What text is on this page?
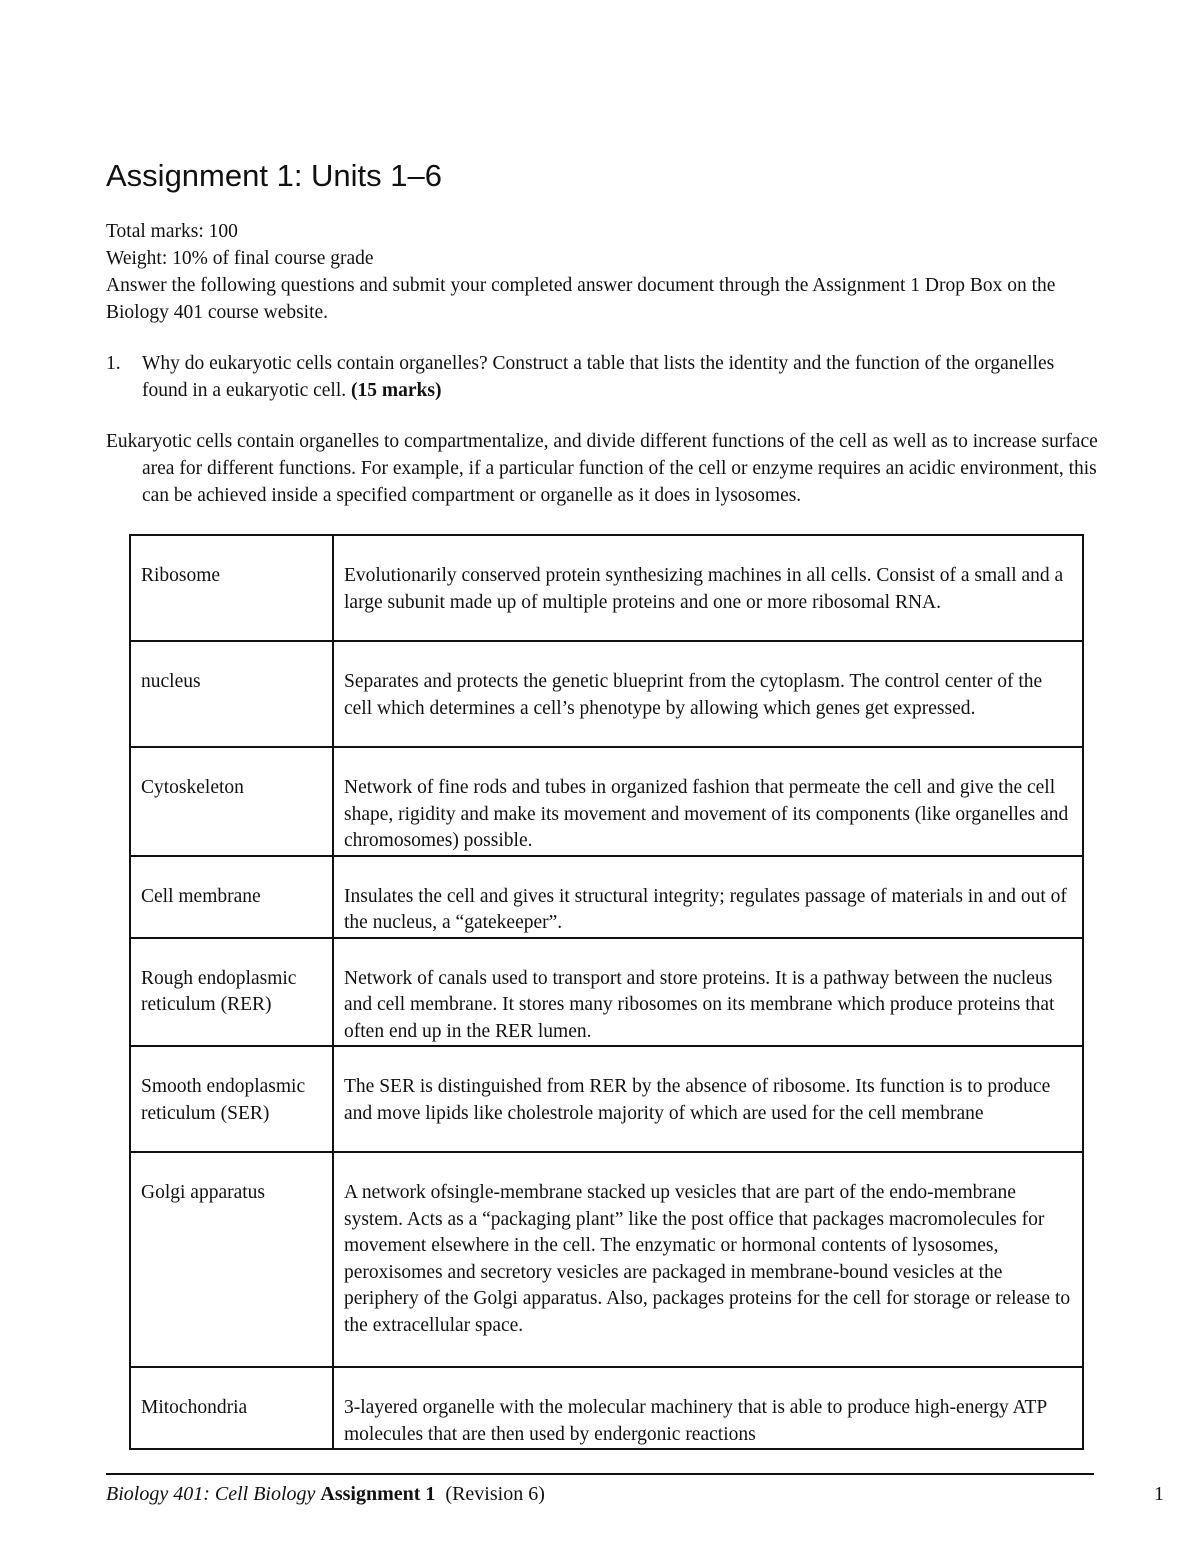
Assignment 1: Units 1–6

Total marks: 100

Weight: 10% of final course grade

Answer the following questions and submit your completed answer document through the Assignment 1 Drop Box on the Biology 401 course website.

1. Why do eukaryotic cells contain organelles? Construct a table that lists the identity and the function of the organelles found in a eukaryotic cell. (15 marks)

Eukaryotic cells contain organelles to compartmentalize, and divide different functions of the cell as well as to increase surface area for different functions. For example, if a particular function of the cell or enzyme requires an acidic environment, this can be achieved inside a specified compartment or organelle as it does in lysosomes.

Ribosome	Evolutionarily conserved protein synthesizing machines in all cells. Consist of a small and a large subunit made up of multiple proteins and one or more ribosomal RNA.
nucleus	Separates and protects the genetic blueprint from the cytoplasm. The control center of the cell which determines a cell’s phenotype by allowing which genes get expressed.
Cytoskeleton	Network of fine rods and tubes in organized fashion that permeate the cell and give the cell shape, rigidity and make its movement and movement of its components (like organelles and chromosomes) possible.
Cell membrane	Insulates the cell and gives it structural integrity; regulates passage of materials in and out of the nucleus, a “gatekeeper”.
Rough endoplasmic reticulum (RER)	Network of canals used to transport and store proteins. It is a pathway between the nucleus and cell membrane. It stores many ribosomes on its membrane which produce proteins that often end up in the RER lumen.
Smooth endoplasmic reticulum (SER)	The SER is distinguished from RER by the absence of ribosome. Its function is to produce and move lipids like cholestrole majority of which are used for the cell membrane
Golgi apparatus	A network ofsingle-membrane stacked up vesicles that are part of the endo-membrane system. Acts as a “packaging plant” like the post office that packages macromolecules for movement elsewhere in the cell. The enzymatic or hormonal contents of lysosomes, peroxisomes and secretory vesicles are packaged in membrane-bound vesicles at the periphery of the Golgi apparatus. Also, packages proteins for the cell for storage or release to the extracellular space.
Mitochondria	3-layered organelle with the molecular machinery that is able to produce high-energy ATP molecules that are then used by endergonic reactions
Biology 401: Cell Biology Assignment 1 (Revision 6)	1
